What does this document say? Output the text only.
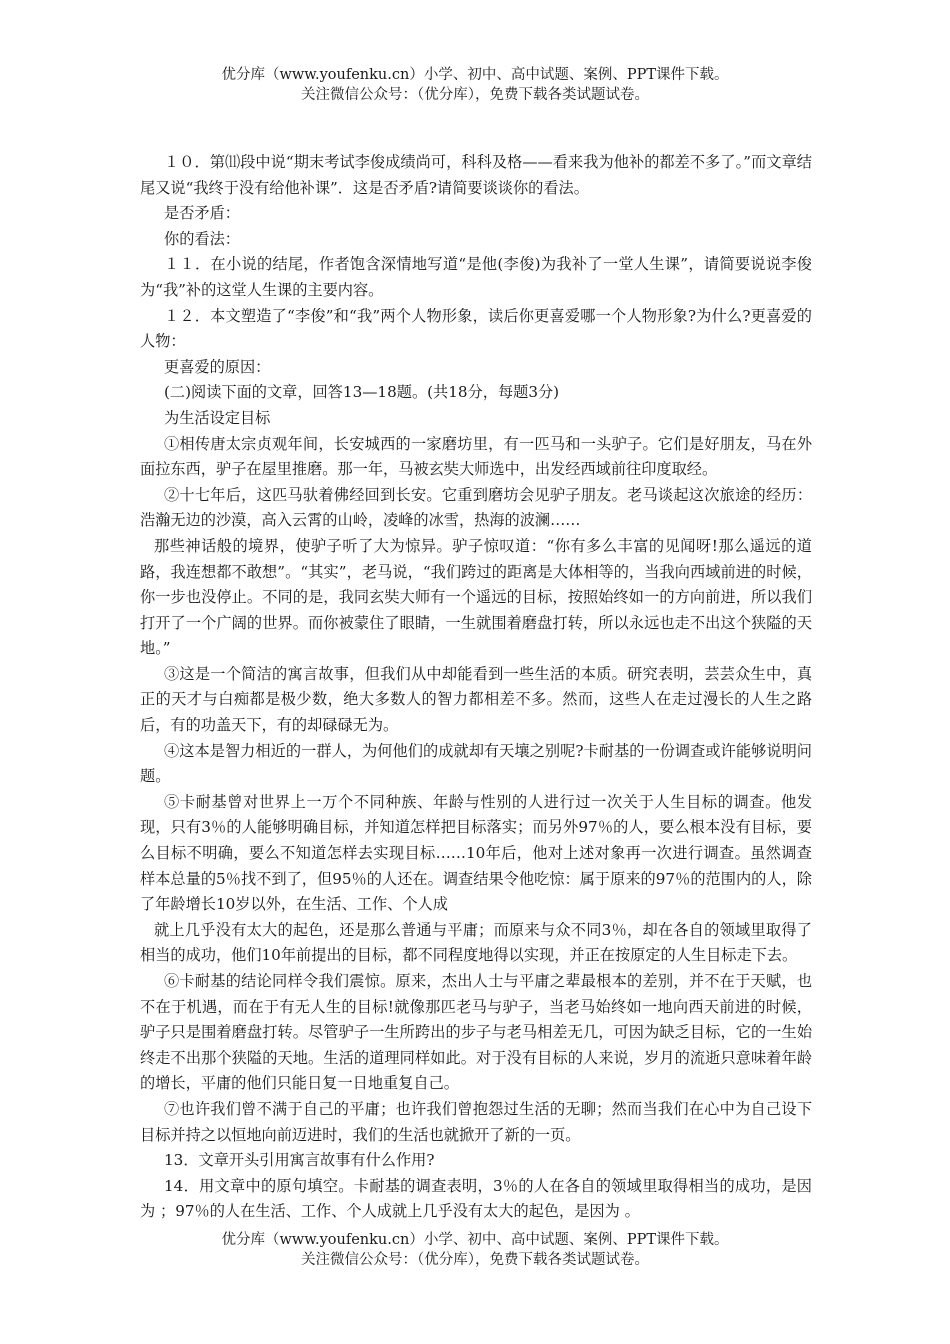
优分库（www.youfenku.cn）小学、初中、高中试题、案例、PPT课件下载。
关注微信公众号：（优分库），免费下载各类试题试卷。

１０．第⑾段中说“期末考试李俊成绩尚可，科科及格——看来我为他补的都差不多了。”而文章结尾又说“我终于没有给他补课”．这是否矛盾?请简要谈谈你的看法。

是否矛盾：

你的看法：

１１．在小说的结尾，作者饱含深情地写道“是他(李俊)为我补了一堂人生课”，请简要说说李俊为“我”补的这堂人生课的主要内容。

１２．本文塑造了“李俊”和“我”两个人物形象，读后你更喜爱哪一个人物形象?为什么?更喜爱的人物：

更喜爱的原因：

(二)阅读下面的文章，回答13—18题。(共18分，每题3分)

为生活设定目标

①相传唐太宗贞观年间，长安城西的一家磨坊里，有一匹马和一头驴子。它们是好朋友，马在外面拉东西，驴子在屋里推磨。那一年，马被玄奘大师选中，出发经西域前往印度取经。

②十七年后，这匹马驮着佛经回到长安。它重到磨坊会见驴子朋友。老马谈起这次旅途的经历：浩瀚无边的沙漠，高入云霄的山岭，凌峰的冰雪，热海的波澜……

那些神话般的境界，使驴子听了大为惊异。驴子惊叹道：“你有多么丰富的见闻呀!那么遥远的道路，我连想都不敢想”。“其实”，老马说，“我们跨过的距离是大体相等的，当我向西域前进的时候，你一步也没停止。不同的是，我同玄奘大师有一个遥远的目标，按照始终如一的方向前进，所以我们打开了一个广阔的世界。而你被蒙住了眼睛，一生就围着磨盘打转，所以永远也走不出这个狭隘的天地。”

③这是一个简洁的寓言故事，但我们从中却能看到一些生活的本质。研究表明，芸芸众生中，真正的天才与白痴都是极少数，绝大多数人的智力都相差不多。然而，这些人在走过漫长的人生之路后，有的功盖天下，有的却碌碌无为。

④这本是智力相近的一群人，为何他们的成就却有天壤之别呢?卡耐基的一份调查或许能够说明问题。

⑤卡耐基曾对世界上一万个不同种族、年龄与性别的人进行过一次关于人生目标的调查。他发现，只有3％的人能够明确目标，并知道怎样把目标落实；而另外97％的人，要么根本没有目标，要么目标不明确，要么不知道怎样去实现目标……10年后，他对上述对象再一次进行调查。虽然调查样本总量的5％找不到了，但95％的人还在。调查结果令他吃惊：属于原来的97％的范围内的人，除了年龄增长10岁以外，在生活、工作、个人成

就上几乎没有太大的起色，还是那么普通与平庸；而原来与众不同3％，却在各自的领域里取得了相当的成功，他们10年前提出的目标，都不同程度地得以实现，并正在按原定的人生目标走下去。

⑥卡耐基的结论同样令我们震惊。原来，杰出人士与平庸之辈最根本的差别，并不在于天赋，也不在于机遇，而在于有无人生的目标!就像那匹老马与驴子，当老马始终如一地向西天前进的时候，驴子只是围着磨盘打转。尽管驴子一生所跨出的步子与老马相差无几，可因为缺乏目标，它的一生始终走不出那个狭隘的天地。生活的道理同样如此。对于没有目标的人来说，岁月的流逝只意味着年龄的增长，平庸的他们只能日复一日地重复自己。

⑦也许我们曾不满于自己的平庸；也许我们曾抱怨过生活的无聊；然而当我们在心中为自己设下目标并持之以恒地向前迈进时，我们的生活也就掀开了新的一页。

13．文章开头引用寓言故事有什么作用?

14．用文章中的原句填空。卡耐基的调查表明，3％的人在各自的领域里取得相当的成功，是因为 ；97％的人在生活、工作、个人成就上几乎没有太大的起色，是因为 。

优分库（www.youfenku.cn）小学、初中、高中试题、案例、PPT课件下载。
关注微信公众号：（优分库），免费下载各类试题试卷。
